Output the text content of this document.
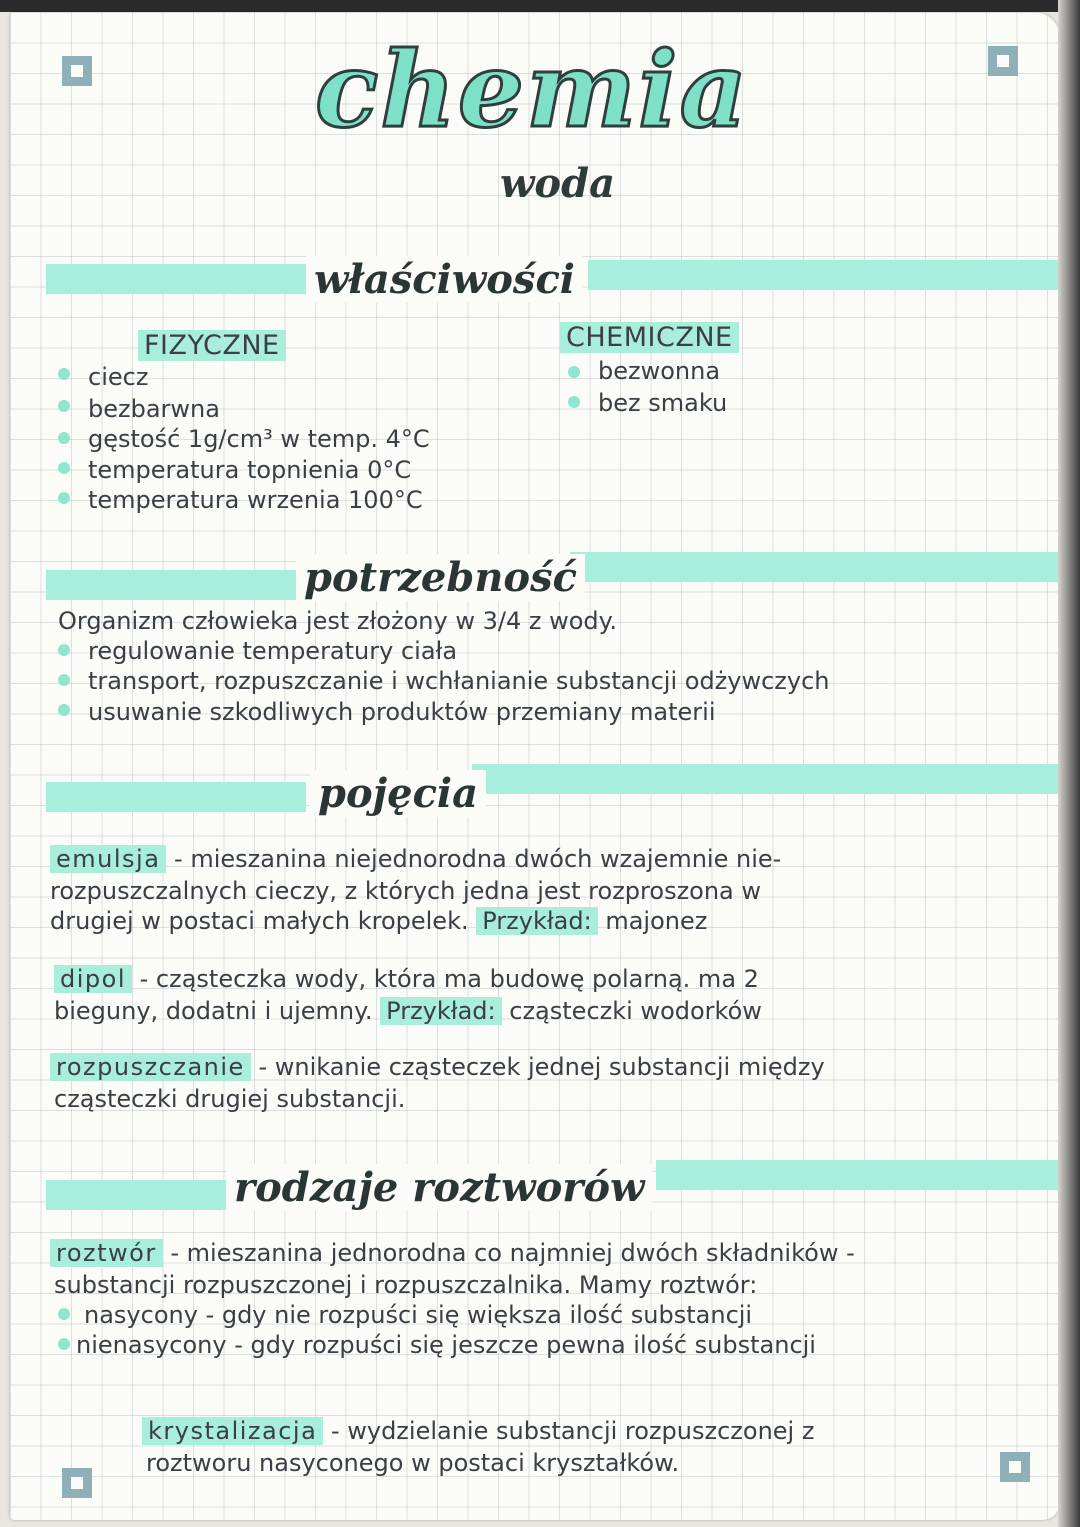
chemia
woda
właściwości
FIZYCZNE	CHEMICZNE
ciecz
bezbarwna
gęstość 1g/cm³ w temp. 4°C
temperatura topnienia 0°C
temperatura wrzenia 100°C
bezwonna
bez smaku
potrzebność
Organizm człowieka jest złożony w 3/4 z wody.
regulowanie temperatury ciała
transport, rozpuszczanie i wchłanianie substancji odżywczych
usuwanie szkodliwych produktów przemiany materii
pojęcia
emulsja - mieszanina niejednorodna dwóch wzajemnie nie-
rozpuszczalnych cieczy, z których jedna jest rozproszona w
drugiej w postaci małych kropelek. Przykład: majonez
dipol - cząsteczka wody, która ma budowę polarną. ma 2
bieguny, dodatni i ujemny. Przykład: cząsteczki wodorków
rozpuszczanie - wnikanie cząsteczek jednej substancji między
cząsteczki drugiej substancji.
rodzaje roztworów
roztwór - mieszanina jednorodna co najmniej dwóch składników -
substancji rozpuszczonej i rozpuszczalnika. Mamy roztwór:
nasycony - gdy nie rozpuści się większa ilość substancji
nienasycony - gdy rozpuści się jeszcze pewna ilość substancji
krystalizacja - wydzielanie substancji rozpuszczonej z
roztworu nasyconego w postaci kryształków.
